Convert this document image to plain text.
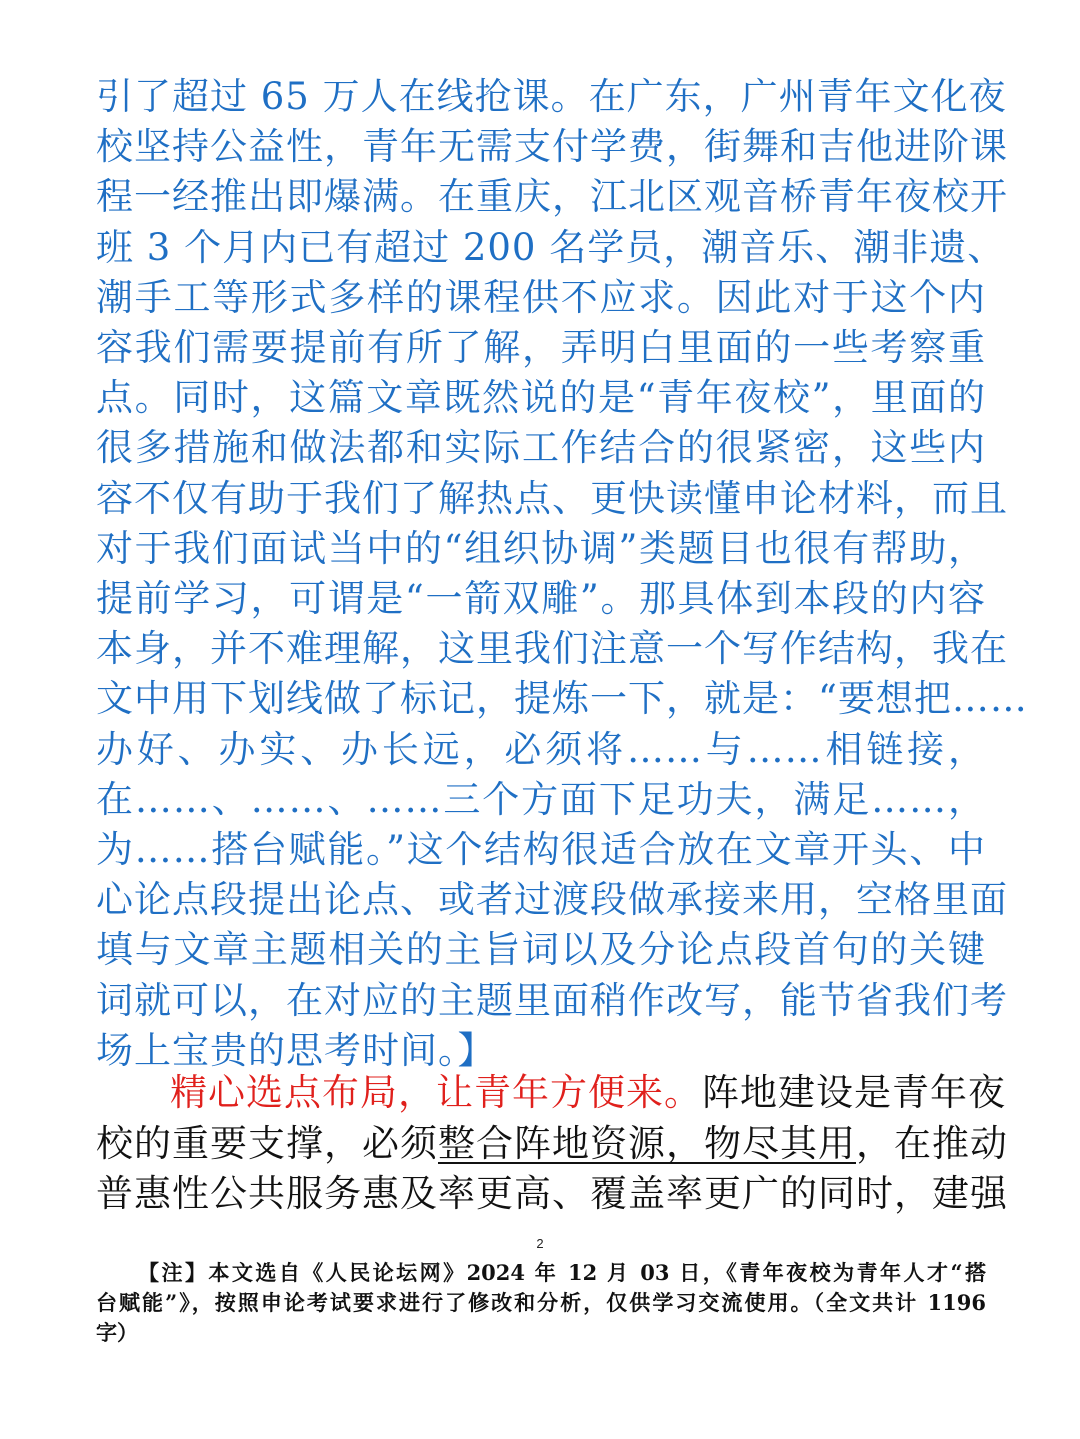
引了超过 65 万人在线抢课。在广东，广州青年文化夜
校坚持公益性，青年无需支付学费，街舞和吉他进阶课
程一经推出即爆满。在重庆，江北区观音桥青年夜校开
班 3 个月内已有超过 200 名学员，潮音乐、潮非遗、
潮手工等形式多样的课程供不应求。因此对于这个内
容我们需要提前有所了解，弄明白里面的一些考察重
点。同时，这篇文章既然说的是“青年夜校”，里面的
很多措施和做法都和实际工作结合的很紧密，这些内
容不仅有助于我们了解热点、更快读懂申论材料，而且
对于我们面试当中的“组织协调”类题目也很有帮助，
提前学习，可谓是“一箭双雕”。那具体到本段的内容
本身，并不难理解，这里我们注意一个写作结构，我在
文中用下划线做了标记，提炼一下，就是：“要想把……
办好、办实、办长远，必须将……与……相链接，
在……、……、……三个方面下足功夫，满足……，
为……搭台赋能。”这个结构很适合放在文章开头、中
心论点段提出论点、或者过渡段做承接来用，空格里面
填与文章主题相关的主旨词以及分论点段首句的关键
词就可以，在对应的主题里面稍作改写，能节省我们考
场上宝贵的思考时间。】
精心选点布局，让青年方便来。阵地建设是青年夜
校的重要支撑，必须整合阵地资源，物尽其用，在推动
普惠性公共服务惠及率更高、覆盖率更广的同时，建强
2
【注】本文选自《人民论坛网》2024 年 12 月 03 日，《青年夜校为青年人才“搭
台赋能”》，按照申论考试要求进行了修改和分析，仅供学习交流使用。（全文共计 1196
字）
